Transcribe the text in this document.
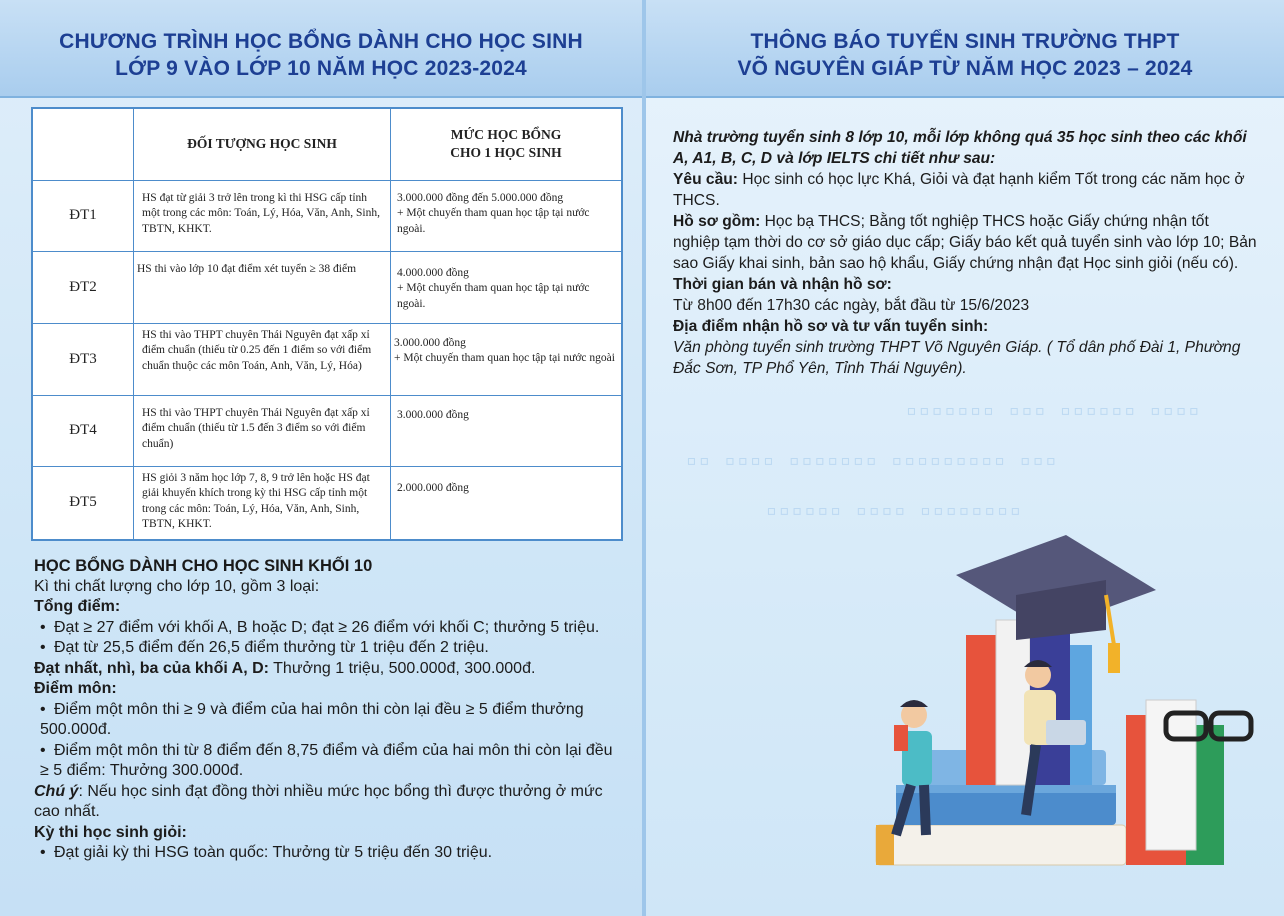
CHƯƠNG TRÌNH HỌC BỔNG DÀNH CHO HỌC SINH
LỚP 9 VÀO LỚP 10 NĂM HỌC 2023-2024
	ĐỐI TƯỢNG HỌC SINH	MỨC HỌC BỔNG
CHO 1 HỌC SINH

ĐT1	HS đạt từ giải 3 trở lên trong kì thi HSG cấp tỉnh một trong các môn: Toán, Lý, Hóa, Văn, Anh, Sinh, TBTN, KHKT.	3.000.000 đồng đến 5.000.000 đồng
+ Một chuyến tham quan học tập tại nước ngoài.

ĐT2	HS thi vào lớp 10 đạt điểm xét tuyển ≥ 38 điểm	4.000.000 đồng
+ Một chuyến tham quan học tập tại nước ngoài.

ĐT3	HS thi vào THPT chuyên Thái Nguyên đạt xấp xỉ điểm chuẩn (thiếu từ 0.25 đến 1 điểm so với điểm chuẩn thuộc các môn Toán, Anh, Văn, Lý, Hóa)	3.000.000 đồng
+ Một chuyến tham quan học tập tại nước ngoài

ĐT4	HS thi vào THPT chuyên Thái Nguyên đạt xấp xỉ điểm chuẩn (thiếu từ 1.5 đến 3 điểm so với điểm chuẩn)	3.000.000 đồng

ĐT5	HS giỏi 3 năm học lớp 7, 8, 9 trở lên hoặc HS đạt giải khuyến khích trong kỳ thi HSG cấp tỉnh một trong các môn: Toán, Lý, Hóa, Văn, Anh, Sinh, TBTN, KHKT.	2.000.000 đồng
HỌC BỔNG DÀNH CHO HỌC SINH KHỐI 10
Kì thi chất lượng cho lớp 10, gồm 3 loại:
Tổng điểm:
• Đạt ≥ 27 điểm với khối A, B hoặc D; đạt ≥ 26 điểm với khối C; thưởng 5 triệu.
• Đạt từ 25,5 điểm đến 26,5 điểm thưởng từ 1 triệu đến 2 triệu.
Đạt nhất, nhì, ba của khối A, D: Thưởng 1 triệu, 500.000đ, 300.000đ.
Điểm môn:
• Điểm một môn thi ≥ 9 và điểm của hai môn thi còn lại đều ≥ 5 điểm thưởng 500.000đ.
• Điểm một môn thi từ 8 điểm đến 8,75 điểm và điểm của hai môn thi còn lại đều ≥ 5 điểm: Thưởng 300.000đ.
Chú ý: Nếu học sinh đạt đồng thời nhiều mức học bổng thì được thưởng ở mức cao nhất.
Kỳ thi học sinh giỏi:
• Đạt giải kỳ thi HSG toàn quốc: Thưởng từ 5 triệu đến 30 triệu.
THÔNG BÁO TUYỂN SINH TRƯỜNG THPT
VÕ NGUYÊN GIÁP TỪ NĂM HỌC 2023 – 2024
▫▫▫▫▫▫▫ ▫▫▫ ▫▫▫▫▫▫ ▫▫▫▫
▫▫ ▫▫▫▫ ▫▫▫▫▫▫▫ ▫▫▫▫▫▫▫▫▫ ▫▫▫
▫▫▫▫▫▫ ▫▫▫▫ ▫▫▫▫▫▫▫▫
Nhà trường tuyển sinh 8 lớp 10, mỗi lớp không quá 35 học sinh theo các khối A, A1, B, C, D và lớp IELTS chi tiết như sau:
Yêu cầu: Học sinh có học lực Khá, Giỏi và đạt hạnh kiểm Tốt trong các năm học ở THCS.
Hồ sơ gồm: Học bạ THCS; Bằng tốt nghiệp THCS hoặc Giấy chứng nhận tốt nghiệp tạm thời do cơ sở giáo dục cấp; Giấy báo kết quả tuyển sinh vào lớp 10; Bản sao Giấy khai sinh, bản sao hộ khẩu, Giấy chứng nhận đạt Học sinh giỏi (nếu có).
Thời gian bán và nhận hồ sơ:
Từ 8h00 đến 17h30 các ngày, bắt đầu từ 15/6/2023
Địa điểm nhận hồ sơ và tư vấn tuyển sinh:
Văn phòng tuyển sinh trường THPT Võ Nguyên Giáp. ( Tổ dân phố Đài 1, Phường Đắc Sơn, TP Phổ Yên, Tỉnh Thái Nguyên).
